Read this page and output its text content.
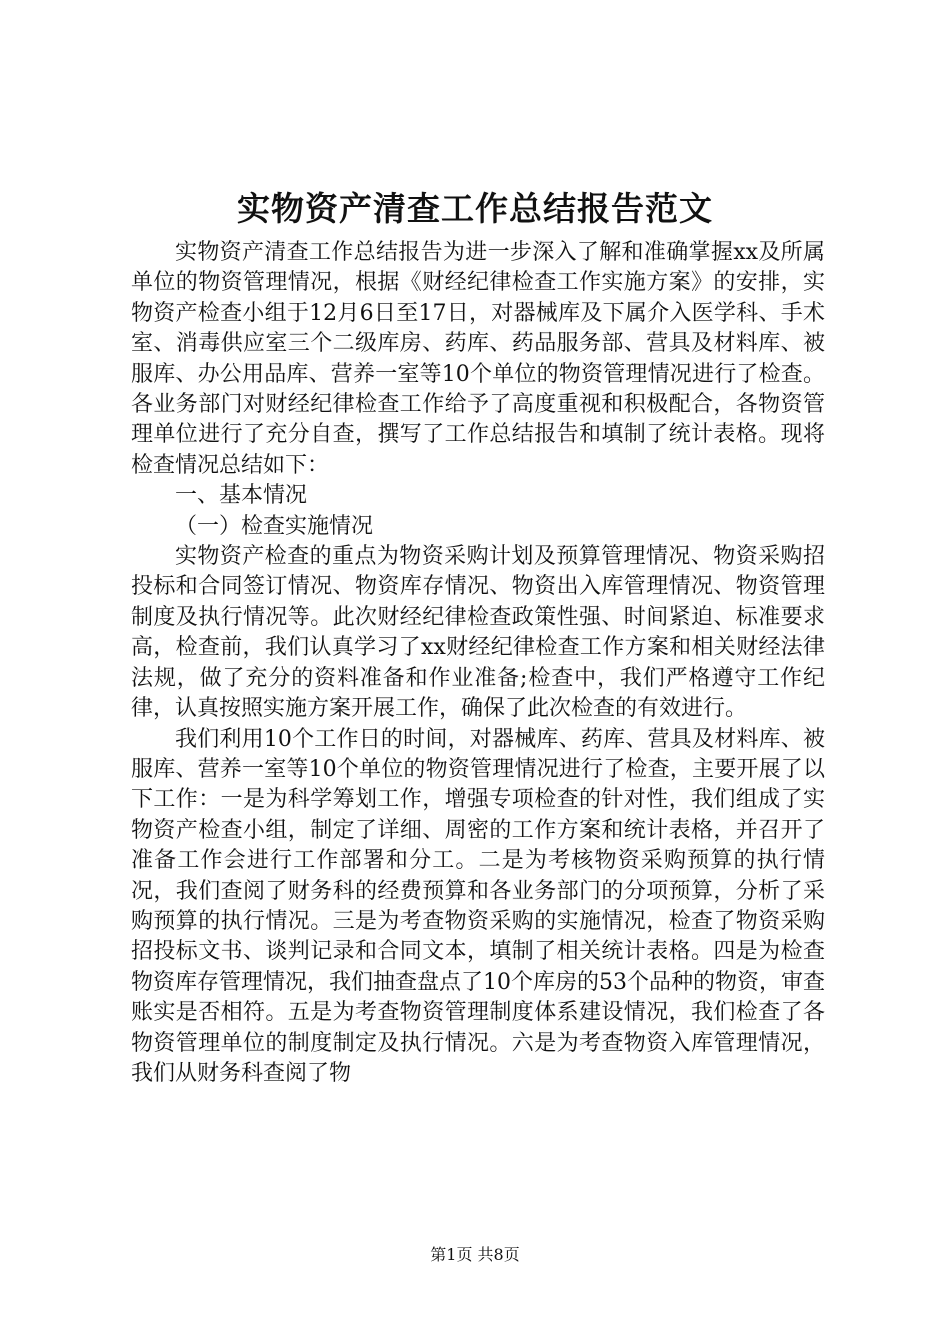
实物资产清查工作总结报告范文

实物资产清查工作总结报告为进一步深入了解和准确掌握xx及所属单位的物资管理情况，根据《财经纪律检查工作实施方案》的安排，实物资产检查小组于12月6日至17日，对器械库及下属介入医学科、手术室、消毒供应室三个二级库房、药库、药品服务部、营具及材料库、被服库、办公用品库、营养一室等10个单位的物资管理情况进行了检查。各业务部门对财经纪律检查工作给予了高度重视和积极配合，各物资管理单位进行了充分自查，撰写了工作总结报告和填制了统计表格。现将检查情况总结如下：

一、基本情况

（一）检查实施情况

实物资产检查的重点为物资采购计划及预算管理情况、物资采购招投标和合同签订情况、物资库存情况、物资出入库管理情况、物资管理制度及执行情况等。此次财经纪律检查政策性强、时间紧迫、标准要求高，检查前，我们认真学习了xx财经纪律检查工作方案和相关财经法律法规，做了充分的资料准备和作业准备;检查中，我们严格遵守工作纪律，认真按照实施方案开展工作，确保了此次检查的有效进行。

我们利用10个工作日的时间，对器械库、药库、营具及材料库、被服库、营养一室等10个单位的物资管理情况进行了检查，主要开展了以下工作：一是为科学筹划工作，增强专项检查的针对性，我们组成了实物资产检查小组，制定了详细、周密的工作方案和统计表格，并召开了准备工作会进行工作部署和分工。二是为考核物资采购预算的执行情况，我们查阅了财务科的经费预算和各业务部门的分项预算，分析了采购预算的执行情况。三是为考查物资采购的实施情况，检查了物资采购招投标文书、谈判记录和合同文本，填制了相关统计表格。四是为检查物资库存管理情况，我们抽查盘点了10个库房的53个品种的物资，审查账实是否相符。五是为考查物资管理制度体系建设情况，我们检查了各物资管理单位的制度制定及执行情况。六是为考查物资入库管理情况，我们从财务科查阅了物

第1页 共8页
